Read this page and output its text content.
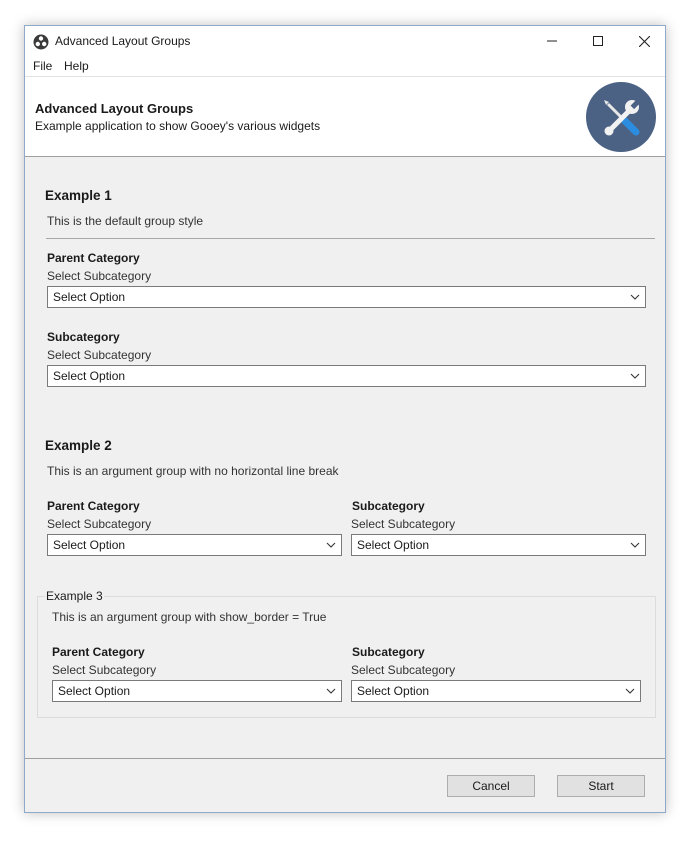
Advanced Layout Groups
File Help
Advanced Layout Groups
Example application to show Gooey's various widgets
Example 1
This is the default group style
Parent Category
Select Subcategory
Select Option
Subcategory
Select Subcategory
Select Option
Example 2
This is an argument group with no horizontal line break
Parent Category
Select Subcategory
Select Option
Subcategory
Select Subcategory
Select Option
Example 3
This is an argument group with show_border = True
Parent Category
Select Subcategory
Select Option
Subcategory
Select Subcategory
Select Option
Cancel	Start
